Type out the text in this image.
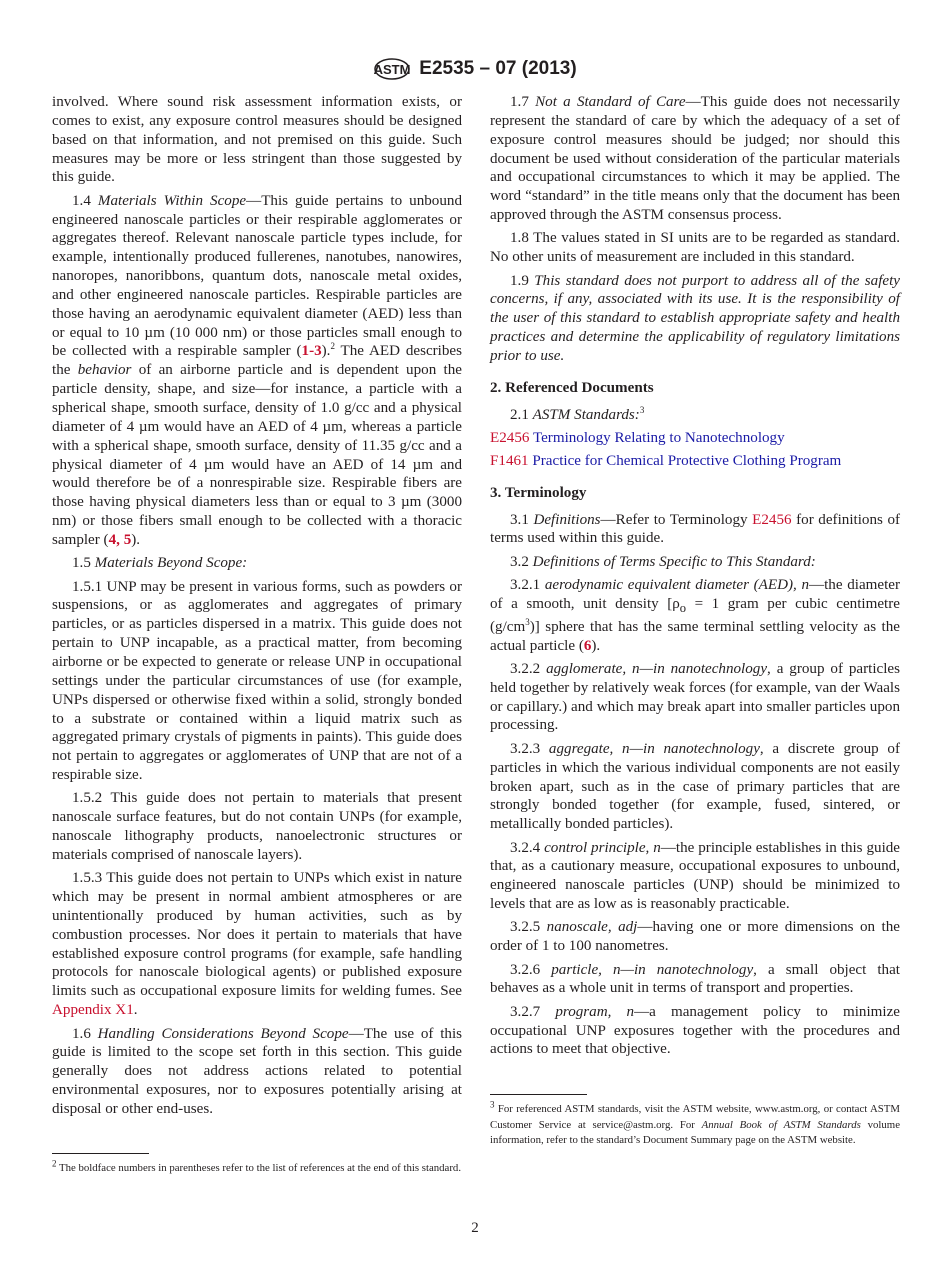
ASTM E2535 – 07 (2013)

involved. Where sound risk assessment information exists, or comes to exist, any exposure control measures should be designed based on that information, and not premised on this guide. Such measures may be more or less stringent than those suggested by this guide.

1.4 Materials Within Scope—This guide pertains to unbound engineered nanoscale particles or their respirable agglomerates or aggregates thereof. Relevant nanoscale particle types include, for example, intentionally produced fullerenes, nanotubes, nanowires, nanoropes, nanoribbons, quantum dots, nanoscale metal oxides, and other engineered nanoscale particles. Respirable particles are those having an aerodynamic equivalent diameter (AED) less than or equal to 10 µm (10 000 nm) or those particles small enough to be collected with a respirable sampler (1-3).$^2$ The AED describes the behavior of an airborne particle and is dependent upon the particle density, shape, and size—for instance, a particle with a spherical shape, smooth surface, density of 1.0 g/cc and a physical diameter of 4 µm would have an AED of 4 µm, whereas a particle with a spherical shape, smooth surface, density of 11.35 g/cc and a physical diameter of 4 µm would have an AED of 14 µm and would therefore be of a nonrespirable size. Respirable fibers are those having physical diameters less than or equal to 3 µm (3000 nm) or those fibers small enough to be collected with a thoracic sampler (4, 5).

1.5 Materials Beyond Scope:

1.5.1 UNP may be present in various forms, such as powders or suspensions, or as agglomerates and aggregates of primary particles, or as particles dispersed in a matrix. This guide does not pertain to UNP incapable, as a practical matter, from becoming airborne or be expected to generate or release UNP in occupational settings under the particular circumstances of use (for example, UNPs dispersed or otherwise fixed within a solid, strongly bonded to a substrate or contained within a liquid matrix such as aggregated primary crystals of pigments in paints). This guide does not pertain to aggregates or agglomerates of UNP that are not of a respirable size.

1.5.2 This guide does not pertain to materials that present nanoscale surface features, but do not contain UNPs (for example, nanoscale lithography products, nanoelectronic structures or materials comprised of nanoscale layers).

1.5.3 This guide does not pertain to UNPs which exist in nature which may be present in normal ambient atmospheres or are unintentionally produced by human activities, such as by combustion processes. Nor does it pertain to materials that have established exposure control programs (for example, safe handling protocols for nanoscale biological agents) or published exposure limits such as occupational exposure limits for welding fumes. See Appendix X1.

1.6 Handling Considerations Beyond Scope—The use of this guide is limited to the scope set forth in this section. This guide generally does not address actions related to potential environmental exposures, nor to exposures potentially arising at disposal or other end-uses.

1.7 Not a Standard of Care—This guide does not necessarily represent the standard of care by which the adequacy of a set of exposure control measures should be judged; nor should this document be used without consideration of the particular materials and occupational circumstances to which it may be applied. The word “standard” in the title means only that the document has been approved through the ASTM consensus process.

1.8 The values stated in SI units are to be regarded as standard. No other units of measurement are included in this standard.

1.9 This standard does not purport to address all of the safety concerns, if any, associated with its use. It is the responsibility of the user of this standard to establish appropriate safety and health practices and determine the applicability of regulatory limitations prior to use.

2. Referenced Documents

2.1 ASTM Standards:$^3$

E2456 Terminology Relating to Nanotechnology

F1461 Practice for Chemical Protective Clothing Program

3. Terminology

3.1 Definitions—Refer to Terminology E2456 for definitions of terms used within this guide.

3.2 Definitions of Terms Specific to This Standard:

3.2.1 aerodynamic equivalent diameter (AED), n—the diameter of a smooth, unit density [$\rho_o = 1$ gram per cubic centimetre $(g/cm^3)$] sphere that has the same terminal settling velocity as the actual particle (6).

3.2.2 agglomerate, n—in nanotechnology, a group of particles held together by relatively weak forces (for example, van der Waals or capillary.) and which may break apart into smaller particles upon processing.

3.2.3 aggregate, n—in nanotechnology, a discrete group of particles in which the various individual components are not easily broken apart, such as in the case of primary particles that are strongly bonded together (for example, fused, sintered, or metallically bonded particles).

3.2.4 control principle, n—the principle establishes in this guide that, as a cautionary measure, occupational exposures to unbound, engineered nanoscale particles (UNP) should be minimized to levels that are as low as is reasonably practicable.

3.2.5 nanoscale, adj—having one or more dimensions on the order of 1 to 100 nanometres.

3.2.6 particle, n—in nanotechnology, a small object that behaves as a whole unit in terms of transport and properties.

3.2.7 program, n—a management policy to minimize occupational UNP exposures together with the procedures and actions to meet that objective.

$^2$ The boldface numbers in parentheses refer to the list of references at the end of this standard.
$^3$ For referenced ASTM standards, visit the ASTM website, www.astm.org, or contact ASTM Customer Service at service@astm.org. For Annual Book of ASTM Standards volume information, refer to the standard’s Document Summary page on the ASTM website.
2
